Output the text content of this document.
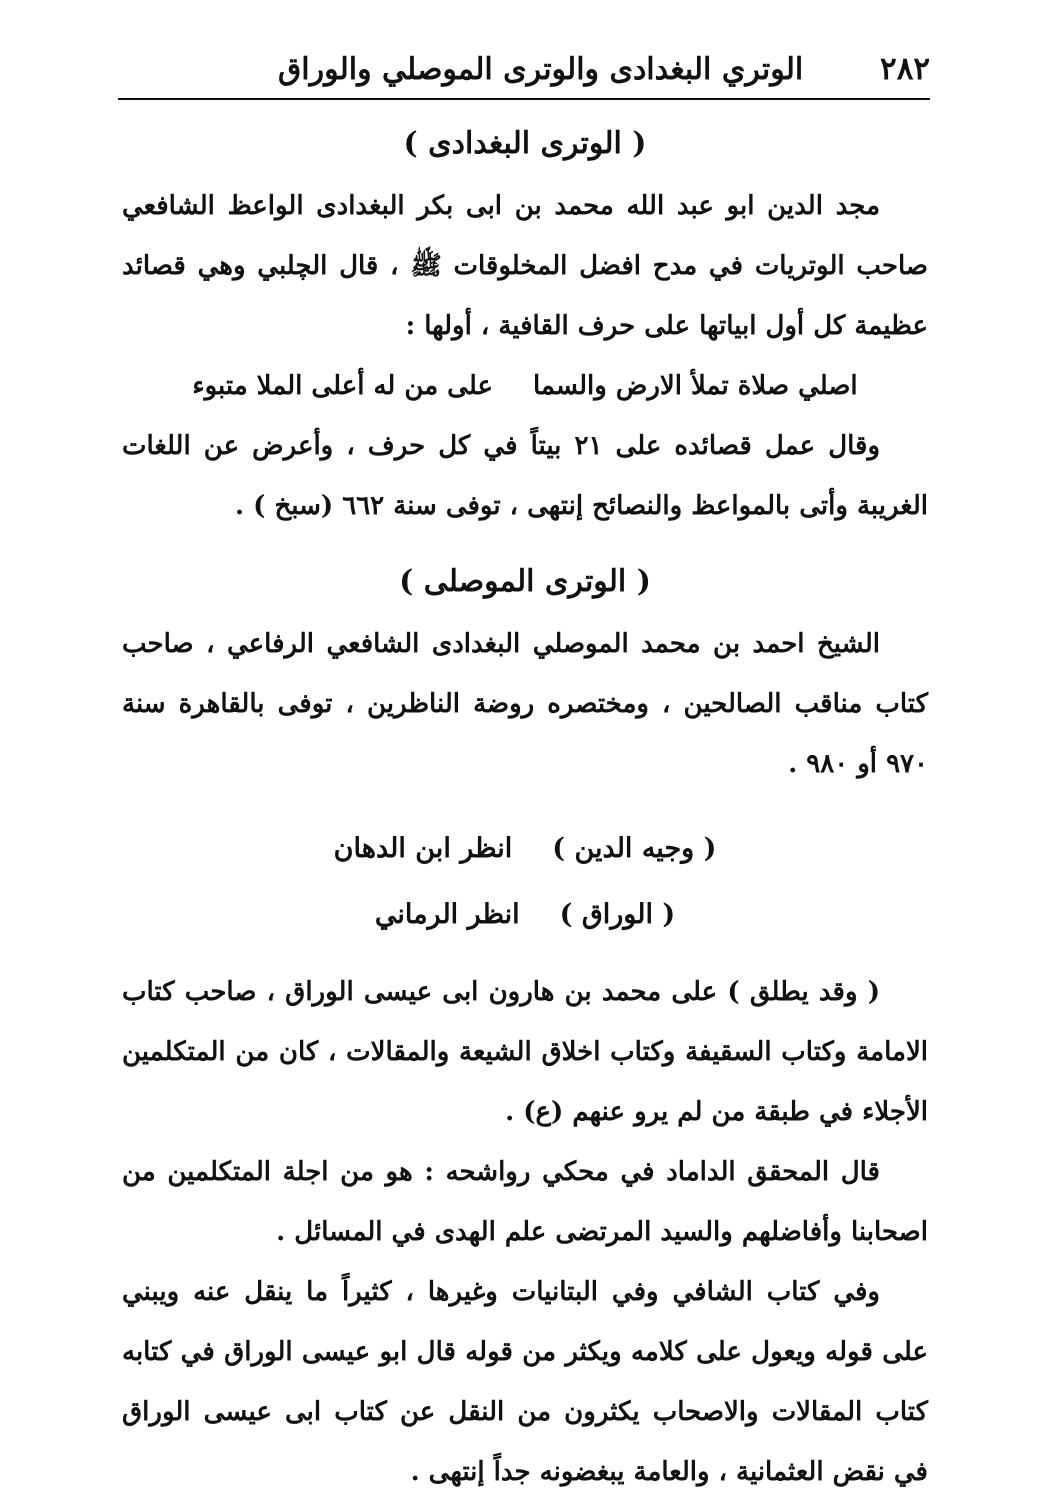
٢٨٢
الوتري البغدادى والوترى الموصلي والوراق
( الوترى البغدادى )

مجد الدين ابو عبد الله محمد بن ابى بكر البغدادى الواعظ الشافعي صاحب الوتريات في مدح افضل المخلوقات ﷺ ، قال الچلبي وهي قصائد عظيمة كل أول ابياتها على حرف القافية ، أولها :

اصلي صلاة تملأ الارض والسما
على من له أعلى الملا متبوء

وقال عمل قصائده على ٢١ بيتاً في كل حرف ، وأعرض عن اللغات الغريبة وأتى بالمواعظ والنصائح إنتهى ، توفى سنة ٦٦٢ (سبخ ) .

( الوترى الموصلى )

الشيخ احمد بن محمد الموصلي البغدادى الشافعي الرفاعي ، صاحب كتاب مناقب الصالحين ، ومختصره روضة الناظرين ، توفى بالقاهرة سنة ٩٧٠ أو ٩٨٠ .

( وجيه الدين )
انظر ابن الدهان
( الوراق )
انظر الرماني

( وقد يطلق ) على محمد بن هارون ابى عيسى الوراق ، صاحب كتاب الامامة وكتاب السقيفة وكتاب اخلاق الشيعة والمقالات ، كان من المتكلمين الأجلاء في طبقة من لم يرو عنهم (ع) .

قال المحقق الداماد في محكي رواشحه : هو من اجلة المتكلمين من اصحابنا وأفاضلهم والسيد المرتضى علم الهدى في المسائل .

وفي كتاب الشافي وفي البتانيات وغيرها ، كثيراً ما ينقل عنه ويبني على قوله ويعول على كلامه ويكثر من قوله قال ابو عيسى الوراق في كتابه كتاب المقالات والاصحاب يكثرون من النقل عن كتاب ابى عيسى الوراق في نقض العثمانية ، والعامة يبغضونه جداً إنتهى .
